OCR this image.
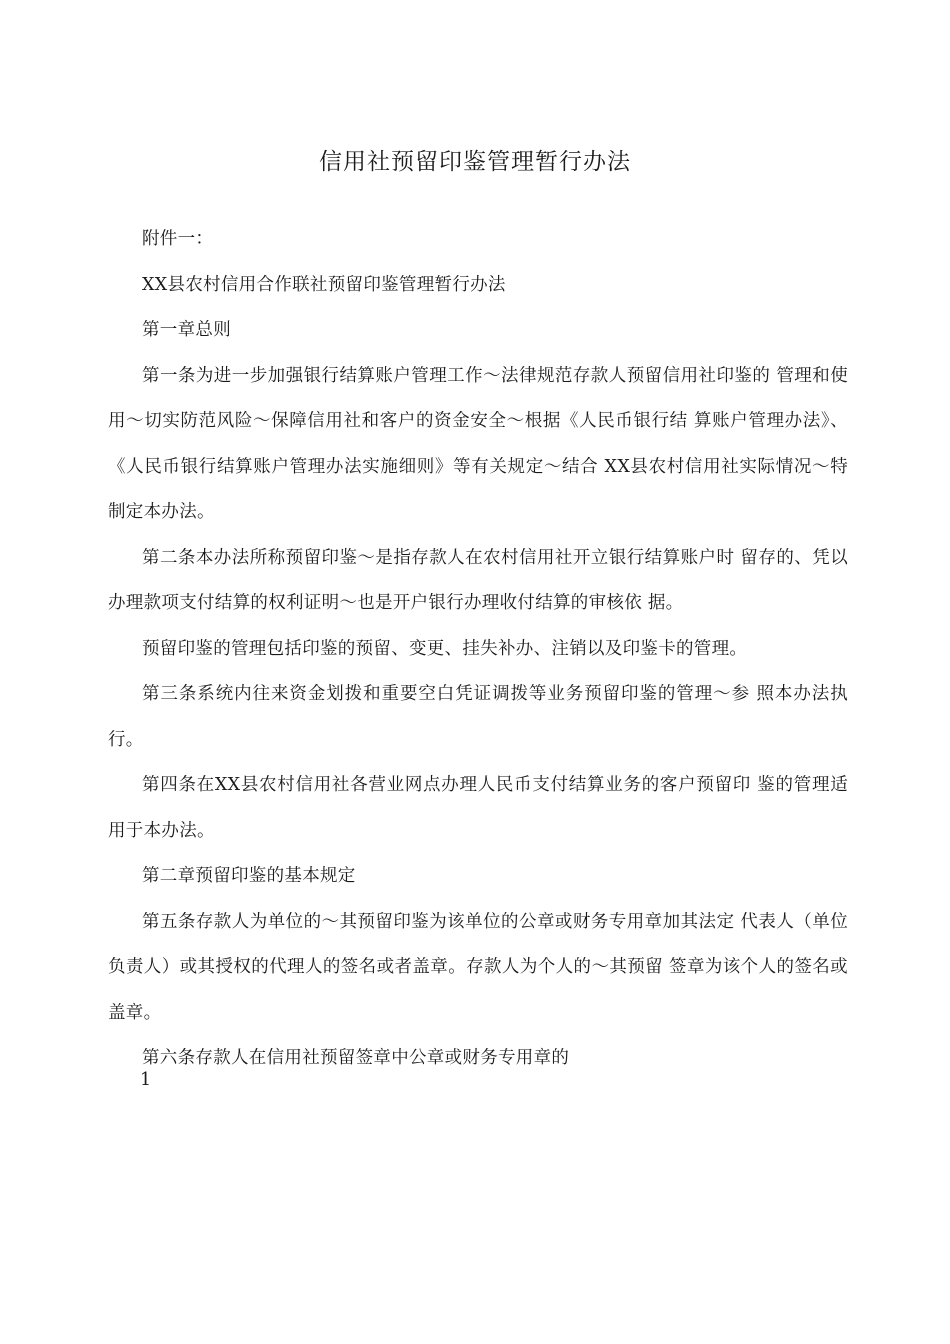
信用社预留印鉴管理暂行办法

附件一：

XX县农村信用合作联社预留印鉴管理暂行办法

第一章总则

第一条为进一步加强银行结算账户管理工作〜法律规范存款人预留信用社印鉴的 管理和使用〜切实防范风险〜保障信用社和客户的资金安全〜根据《人民币银行结 算账户管理办法》、《人民币银行结算账户管理办法实施细则》等有关规定〜结合 XX县农村信用社实际情况〜特制定本办法。

第二条本办法所称预留印鉴〜是指存款人在农村信用社开立银行结算账户时 留存的、凭以办理款项支付结算的权利证明〜也是开户银行办理收付结算的审核依 据。

预留印鉴的管理包括印鉴的预留、变更、挂失补办、注销以及印鉴卡的管理。

第三条系统内往来资金划拨和重要空白凭证调拨等业务预留印鉴的管理〜参 照本办法执行。

第四条在XX县农村信用社各营业网点办理人民币支付结算业务的客户预留印 鉴的管理适用于本办法。

第二章预留印鉴的基本规定

第五条存款人为单位的〜其预留印鉴为该单位的公章或财务专用章加其法定 代表人（单位负责人）或其授权的代理人的签名或者盖章。存款人为个人的〜其预留 签章为该个人的签名或盖章。

第六条存款人在信用社预留签章中公章或财务专用章的

1
